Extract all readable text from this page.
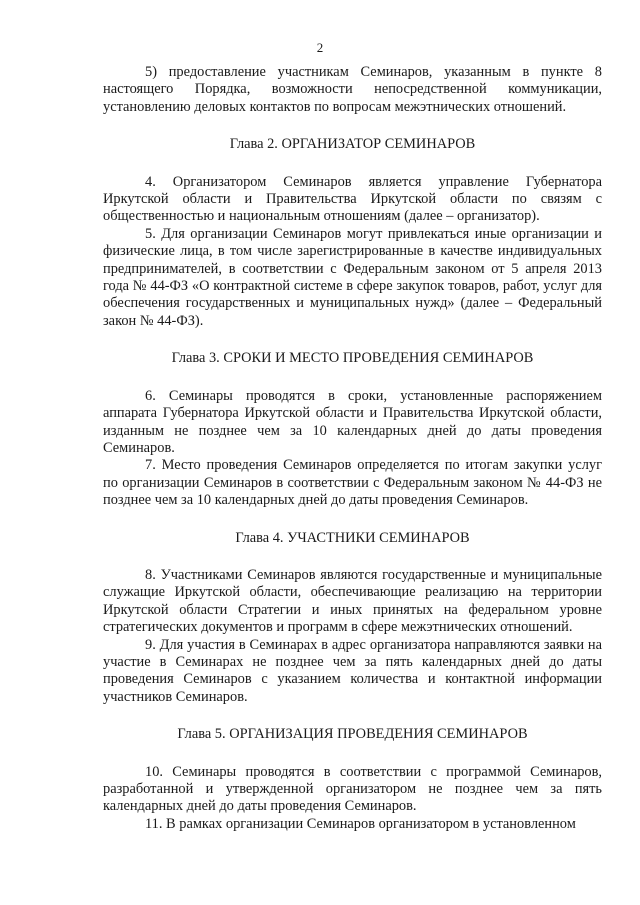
2

5) предоставление участникам Семинаров, указанным в пункте 8 настоящего Порядка, возможности непосредственной коммуникации, установлению деловых контактов по вопросам межэтнических отношений.

Глава 2. ОРГАНИЗАТОР СЕМИНАРОВ

4. Организатором Семинаров является управление Губернатора Иркутской области и Правительства Иркутской области по связям с общественностью и национальным отношениям (далее – организатор).

5. Для организации Семинаров могут привлекаться иные организации и физические лица, в том числе зарегистрированные в качестве индивидуальных предпринимателей, в соответствии с Федеральным законом от 5 апреля 2013 года № 44-ФЗ «О контрактной системе в сфере закупок товаров, работ, услуг для обеспечения государственных и муниципальных нужд» (далее – Федеральный закон № 44-ФЗ).

Глава 3. СРОКИ И МЕСТО ПРОВЕДЕНИЯ СЕМИНАРОВ

6. Семинары проводятся в сроки, установленные распоряжением аппарата Губернатора Иркутской области и Правительства Иркутской области, изданным не позднее чем за 10 календарных дней до даты проведения Семинаров.

7. Место проведения Семинаров определяется по итогам закупки услуг по организации Семинаров в соответствии с Федеральным законом № 44-ФЗ не позднее чем за 10 календарных дней до даты проведения Семинаров.

Глава 4. УЧАСТНИКИ СЕМИНАРОВ

8. Участниками Семинаров являются государственные и муниципальные служащие Иркутской области, обеспечивающие реализацию на территории Иркутской области Стратегии и иных принятых на федеральном уровне стратегических документов и программ в сфере межэтнических отношений.

9. Для участия в Семинарах в адрес организатора направляются заявки на участие в Семинарах не позднее чем за пять календарных дней до даты проведения Семинаров с указанием количества и контактной информации участников Семинаров.

Глава 5. ОРГАНИЗАЦИЯ ПРОВЕДЕНИЯ СЕМИНАРОВ

10. Семинары проводятся в соответствии с программой Семинаров, разработанной и утвержденной организатором не позднее чем за пять календарных дней до даты проведения Семинаров.

11. В рамках организации Семинаров организатором в установленном
